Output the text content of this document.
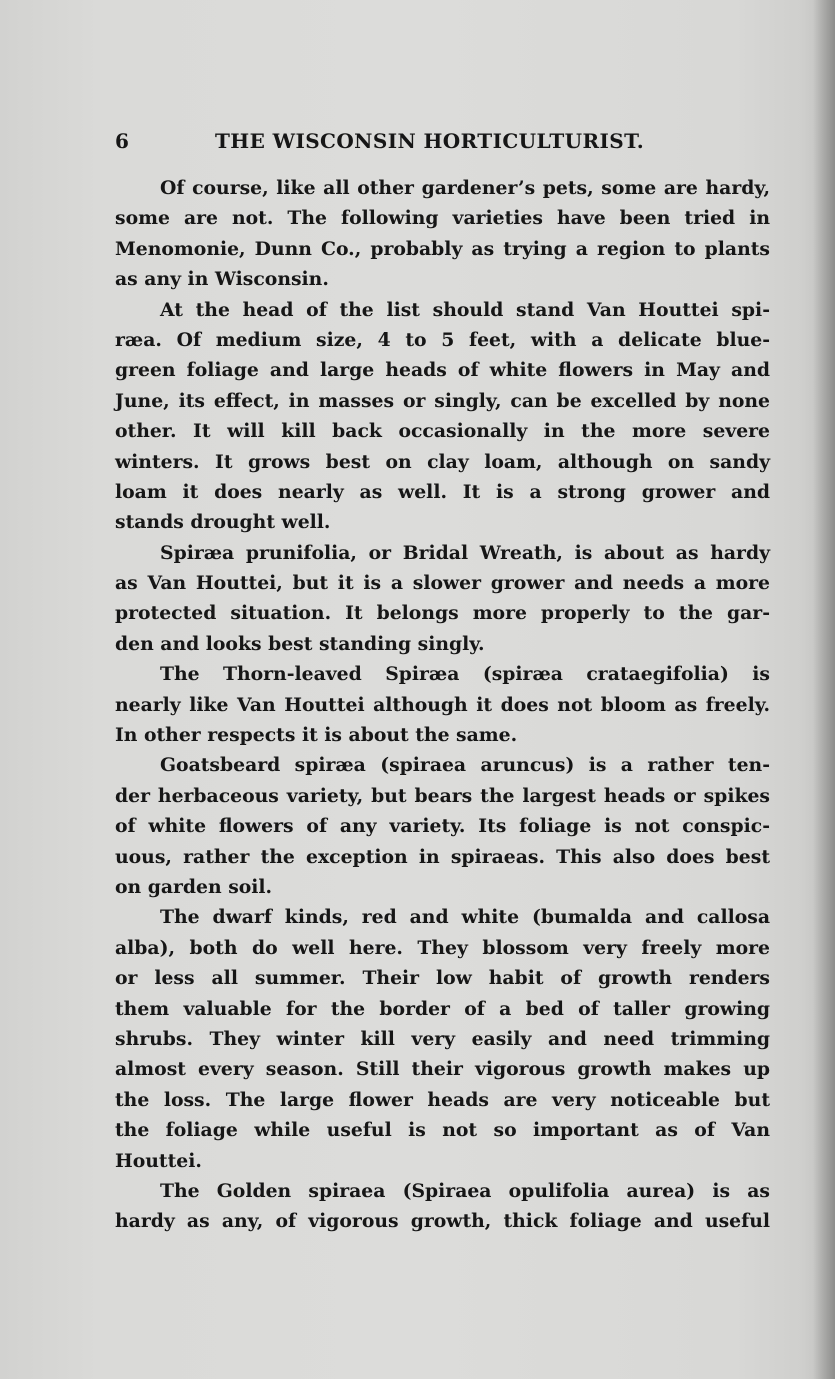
6	THE WISCONSIN HORTICULTURIST.
Of course, like all other gardener’s pets, some are hardy,
some are not. The following varieties have been tried in
Menomonie, Dunn Co., probably as trying a region to plants
as any in Wisconsin.
At the head of the list should stand Van Houttei spi-
ræa. Of medium size, 4 to 5 feet, with a delicate blue-
green foliage and large heads of white flowers in May and
June, its effect, in masses or singly, can be excelled by none
other. It will kill back occasionally in the more severe
winters. It grows best on clay loam, although on sandy
loam it does nearly as well. It is a strong grower and
stands drought well.
Spiræa prunifolia, or Bridal Wreath, is about as hardy
as Van Houttei, but it is a slower grower and needs a more
protected situation. It belongs more properly to the gar-
den and looks best standing singly.
The Thorn-leaved Spiræa (spiræa crataegifolia) is
nearly like Van Houttei although it does not bloom as freely.
In other respects it is about the same.
Goatsbeard spiræa (spiraea aruncus) is a rather ten-
der herbaceous variety, but bears the largest heads or spikes
of white flowers of any variety. Its foliage is not conspic-
uous, rather the exception in spiraeas. This also does best
on garden soil.
The dwarf kinds, red and white (bumalda and callosa
alba), both do well here. They blossom very freely more
or less all summer. Their low habit of growth renders
them valuable for the border of a bed of taller growing
shrubs. They winter kill very easily and need trimming
almost every season. Still their vigorous growth makes up
the loss. The large flower heads are very noticeable but
the foliage while useful is not so important as of Van
Houttei.
The Golden spiraea (Spiraea opulifolia aurea) is as
hardy as any, of vigorous growth, thick foliage and useful
